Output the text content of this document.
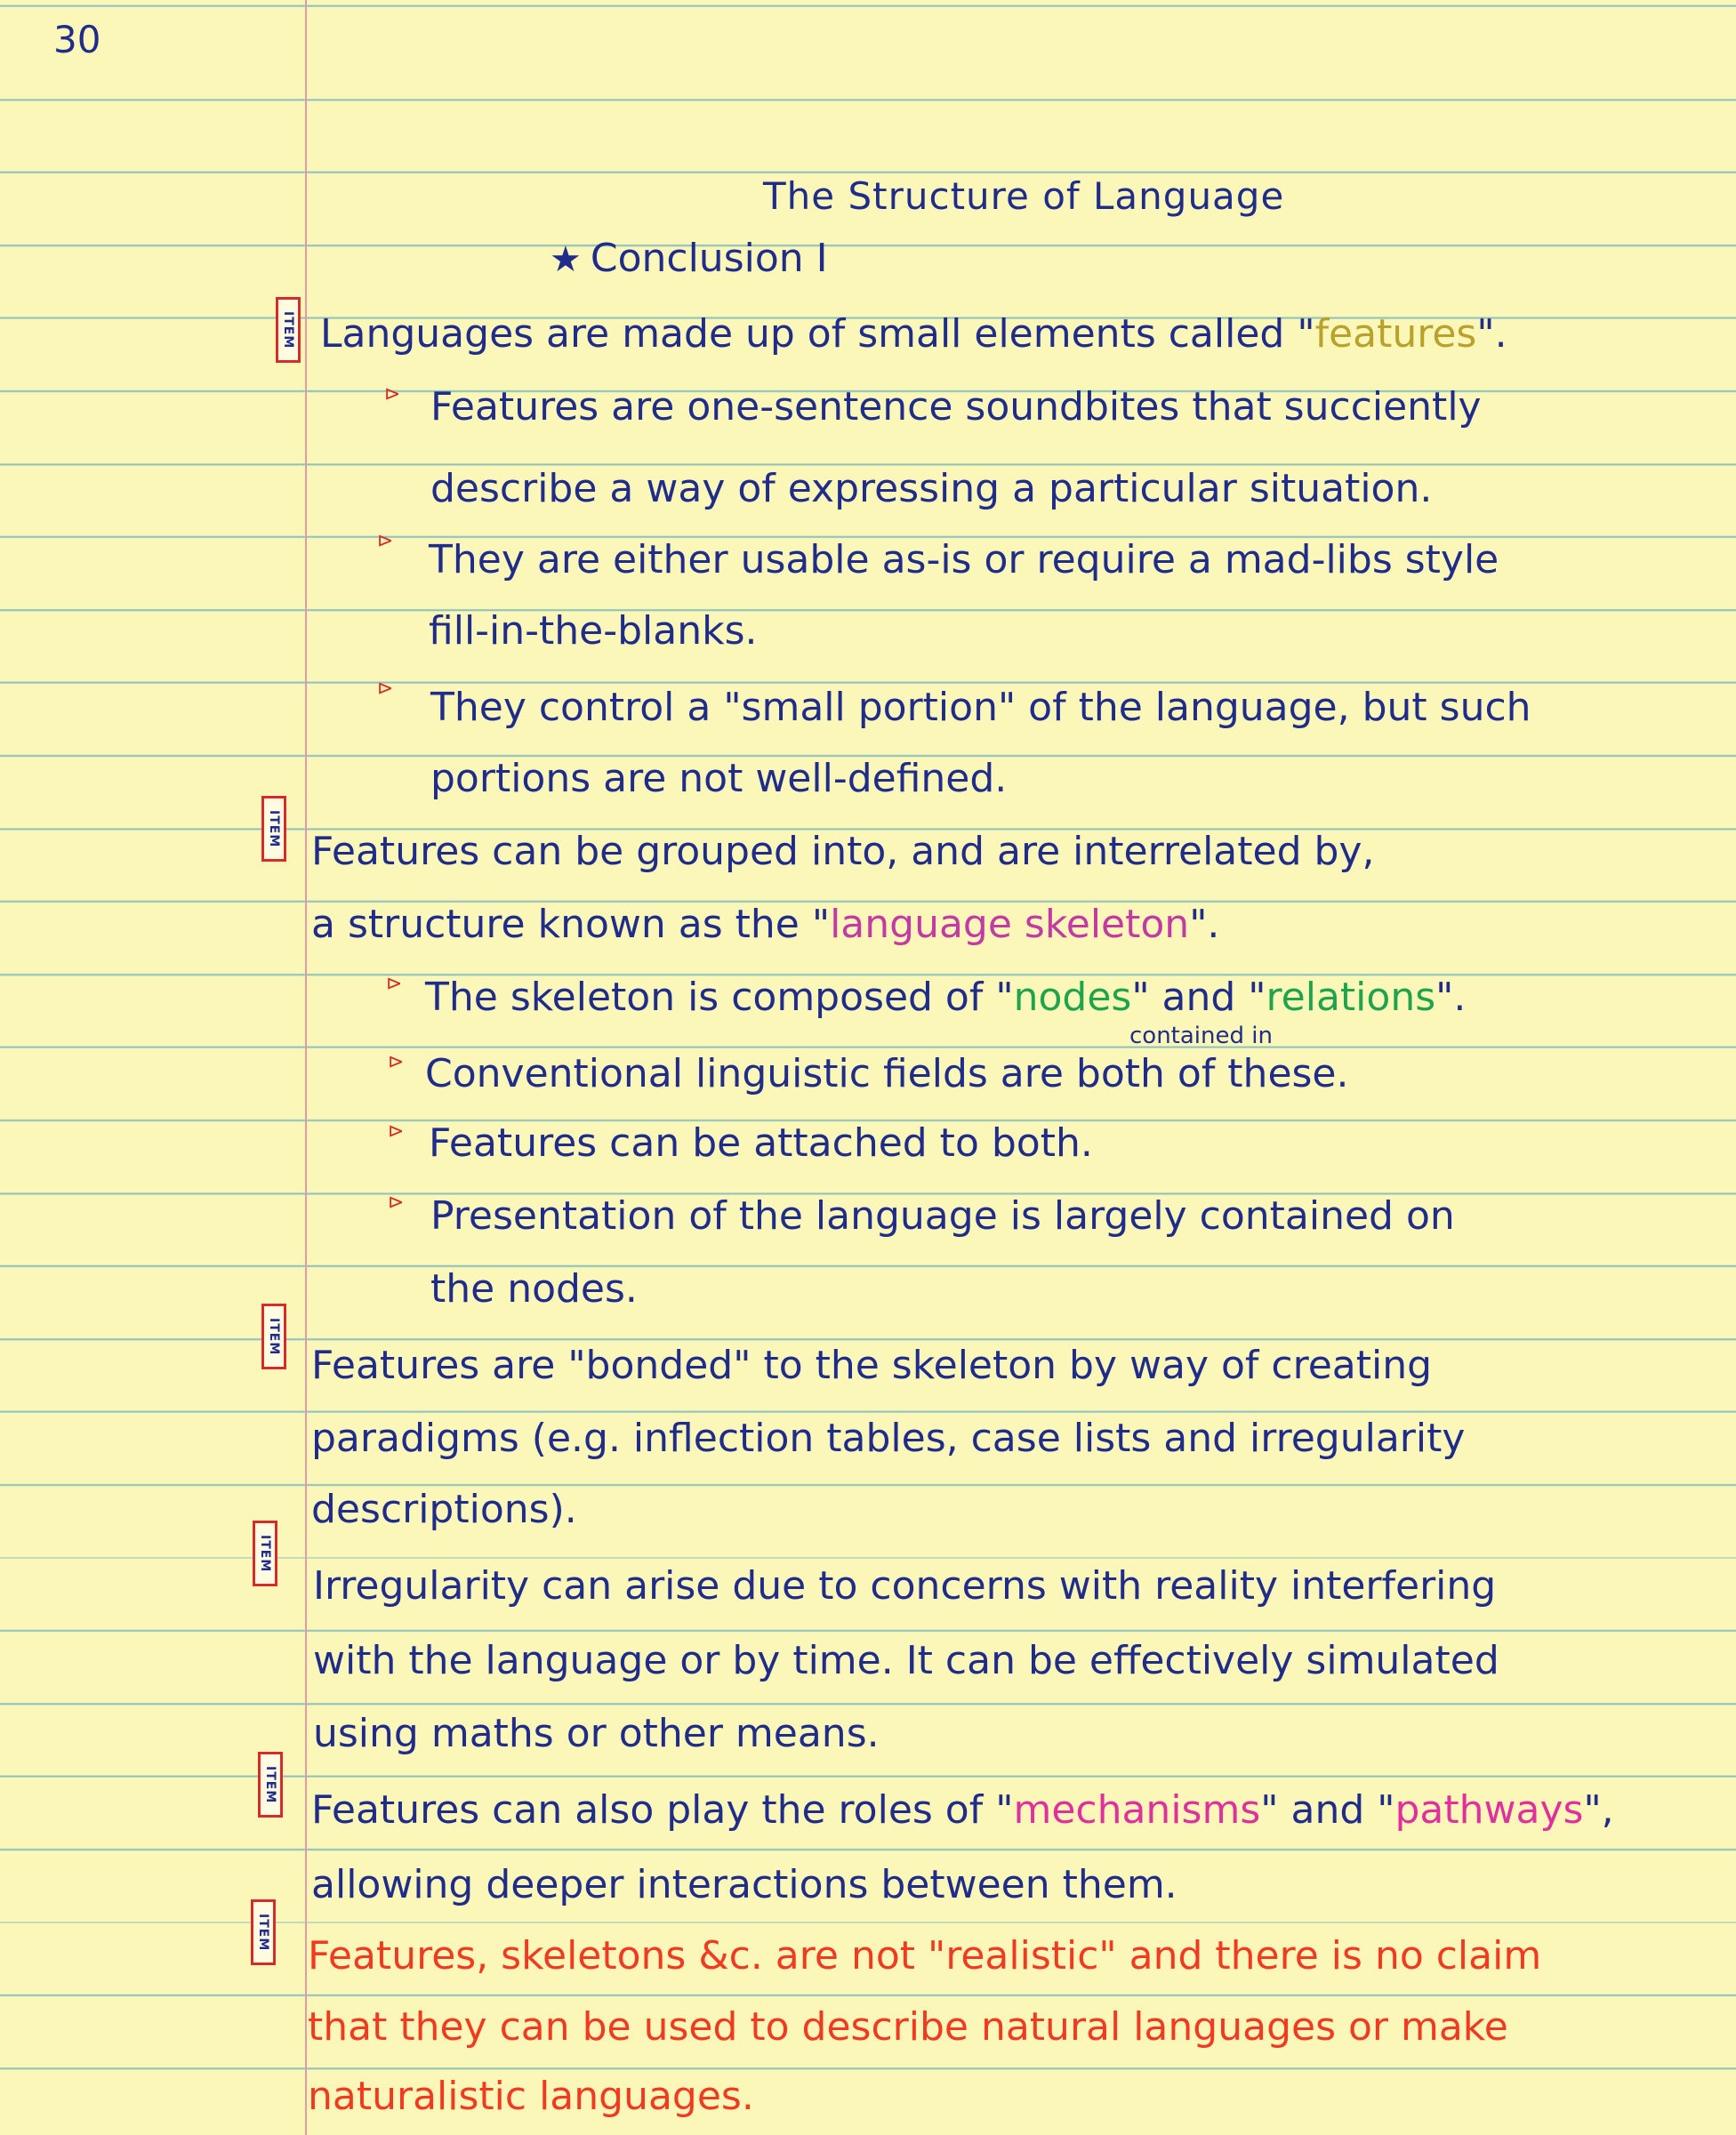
30
The Structure of Language
★ Conclusion I
ITEM Languages are made up of small elements called "features".
⊳ Features are one-sentence soundbites that succiently
describe a way of expressing a particular situation.
⊳ They are either usable as-is or require a mad-libs style
fill-in-the-blanks.
⊳ They control a "small portion" of the language, but such
portions are not well-defined.
ITEM
Features can be grouped into, and are interrelated by,
a structure known as the "language skeleton".
⊳ The skeleton is composed of "nodes" and "relations".
contained in
⊳ Conventional linguistic fields are both of these.
⊳ Features can be attached to both.
⊳ Presentation of the language is largely contained on
the nodes.
ITEM
Features are "bonded" to the skeleton by way of creating
paradigms (e.g. inflection tables, case lists and irregularity
descriptions).
ITEM
Irregularity can arise due to concerns with reality interfering
with the language or by time. It can be effectively simulated
using maths or other means.
ITEM
Features can also play the roles of "mechanisms" and "pathways",
allowing deeper interactions between them.
ITEM
Features, skeletons &c. are not "realistic" and there is no claim
that they can be used to describe natural languages or make
naturalistic languages.
